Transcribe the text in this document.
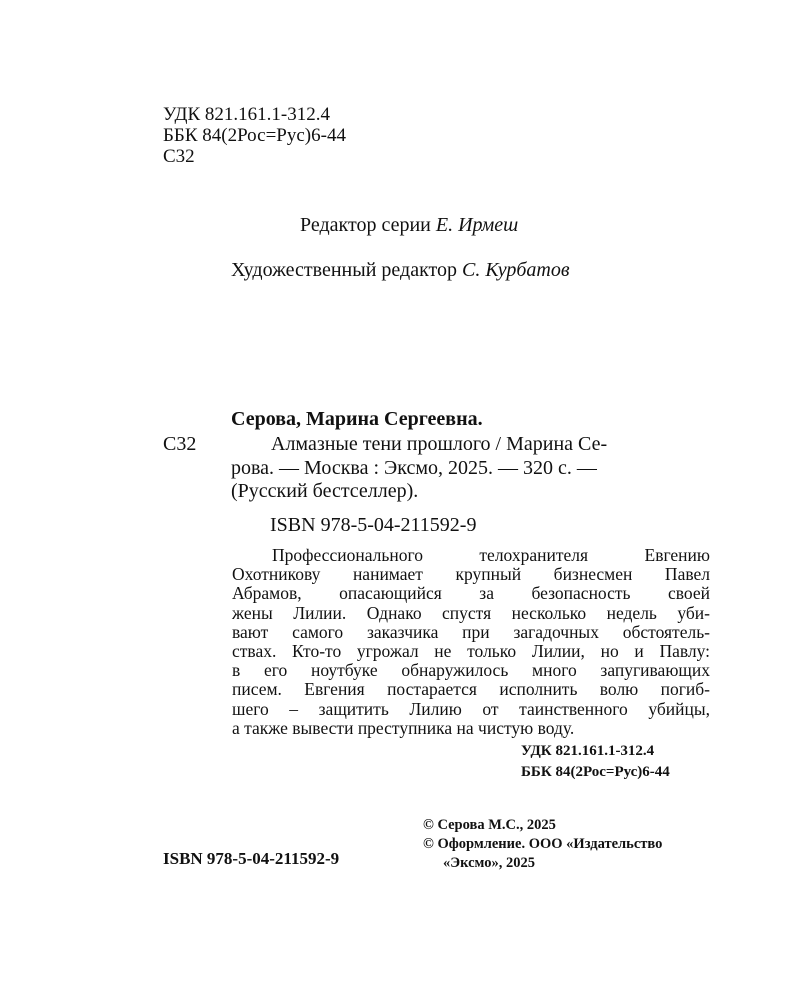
УДК 821.161.1-312.4
ББК 84(2Рос=Рус)6-44
С32
Редактор серии Е. Ирмеш
Художественный редактор С. Курбатов
Серова, Марина Сергеевна.
С32	Алмазные тени прошлого / Марина Се-
рова. — Москва : Эксмо, 2025. — 320 с. —
(Русский бестселлер).
ISBN 978-5-04-211592-9
Профессионального телохранителя Евгению
Охотникову нанимает крупный бизнесмен Павел
Абрамов, опасающийся за безопасность своей
жены Лилии. Однако спустя несколько недель уби-
вают самого заказчика при загадочных обстоятель-
ствах. Кто-то угрожал не только Лилии, но и Павлу:
в его ноутбуке обнаружилось много запугивающих
писем. Евгения постарается исполнить волю погиб-
шего – защитить Лилию от таинственного убийцы,
а также вывести преступника на чистую воду.
УДК 821.161.1-312.4
ББК 84(2Рос=Рус)6-44
© Серова М.С., 2025
© Оформление. ООО «Издательство
«Эксмо», 2025
ISBN 978-5-04-211592-9
